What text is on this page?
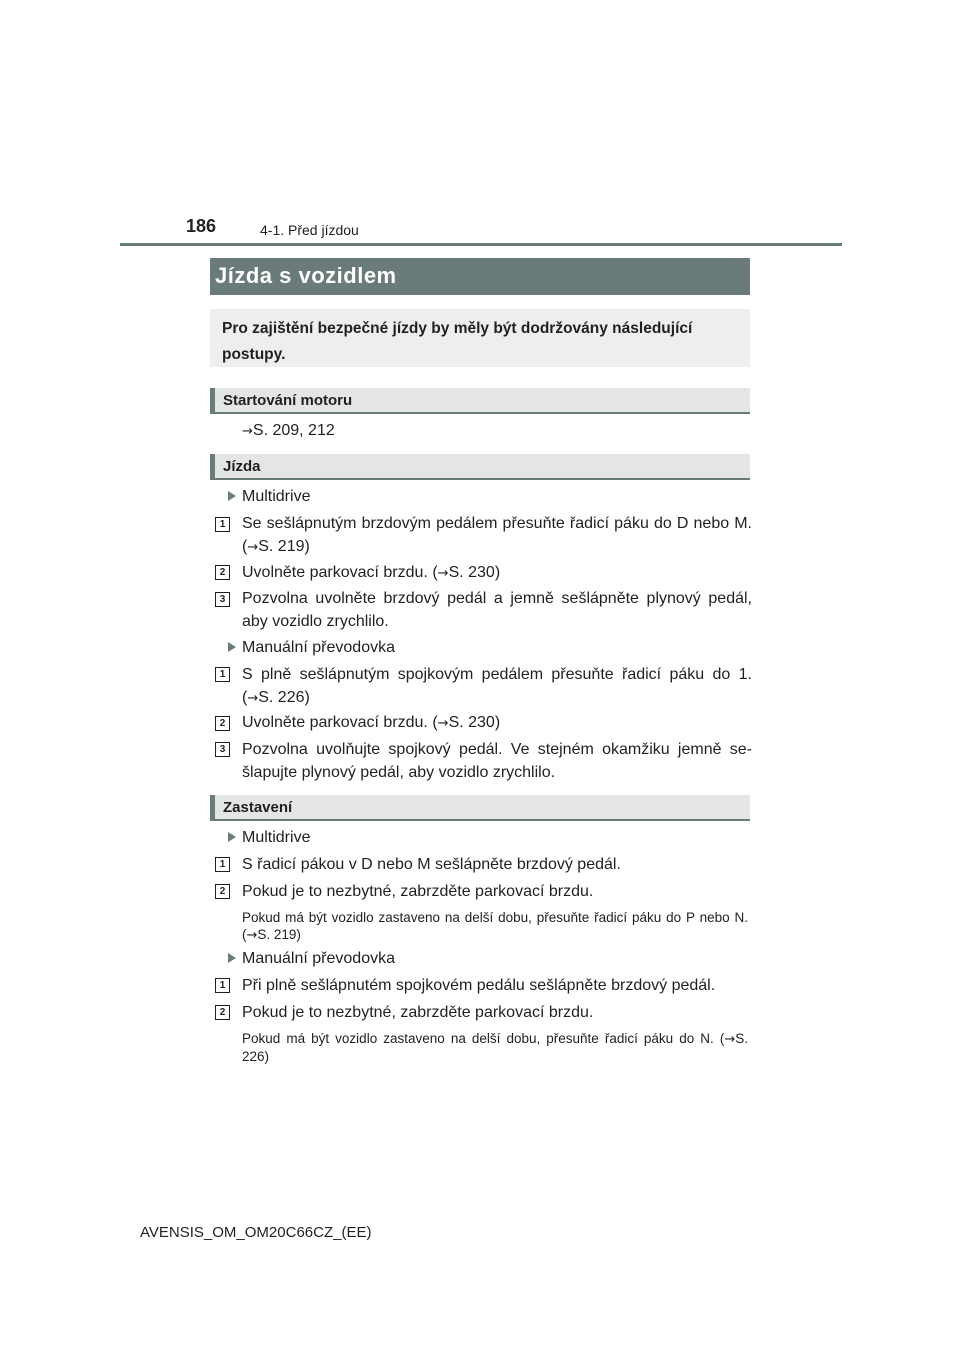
186	4-1. Před jízdou
Jízda s vozidlem
Pro zajištění bezpečné jízdy by měly být dodržovány následující postupy.
Startování motoru
→S. 209, 212
Jízda
Multidrive
1 Se sešlápnutým brzdovým pedálem přesuňte řadicí páku do D nebo M. (→S. 219)
2 Uvolněte parkovací brzdu. (→S. 230)
3 Pozvolna uvolněte brzdový pedál a jemně sešlápněte plynový pedál, aby vozidlo zrychlilo.
Manuální převodovka
1 S plně sešlápnutým spojkovým pedálem přesuňte řadicí páku do 1. (→S. 226)
2 Uvolněte parkovací brzdu. (→S. 230)
3 Pozvolna uvolňujte spojkový pedál. Ve stejném okamžiku jemně se-šlapujte plynový pedál, aby vozidlo zrychlilo.
Zastavení
Multidrive
1 S řadicí pákou v D nebo M sešlápněte brzdový pedál.
2 Pokud je to nezbytné, zabrzděte parkovací brzdu.
Pokud má být vozidlo zastaveno na delší dobu, přesuňte řadicí páku do P nebo N. (→S. 219)
Manuální převodovka
1 Při plně sešlápnutém spojkovém pedálu sešlápněte brzdový pedál.
2 Pokud je to nezbytné, zabrzděte parkovací brzdu.
Pokud má být vozidlo zastaveno na delší dobu, přesuňte řadicí páku do N. (→S. 226)
AVENSIS_OM_OM20C66CZ_(EE)
